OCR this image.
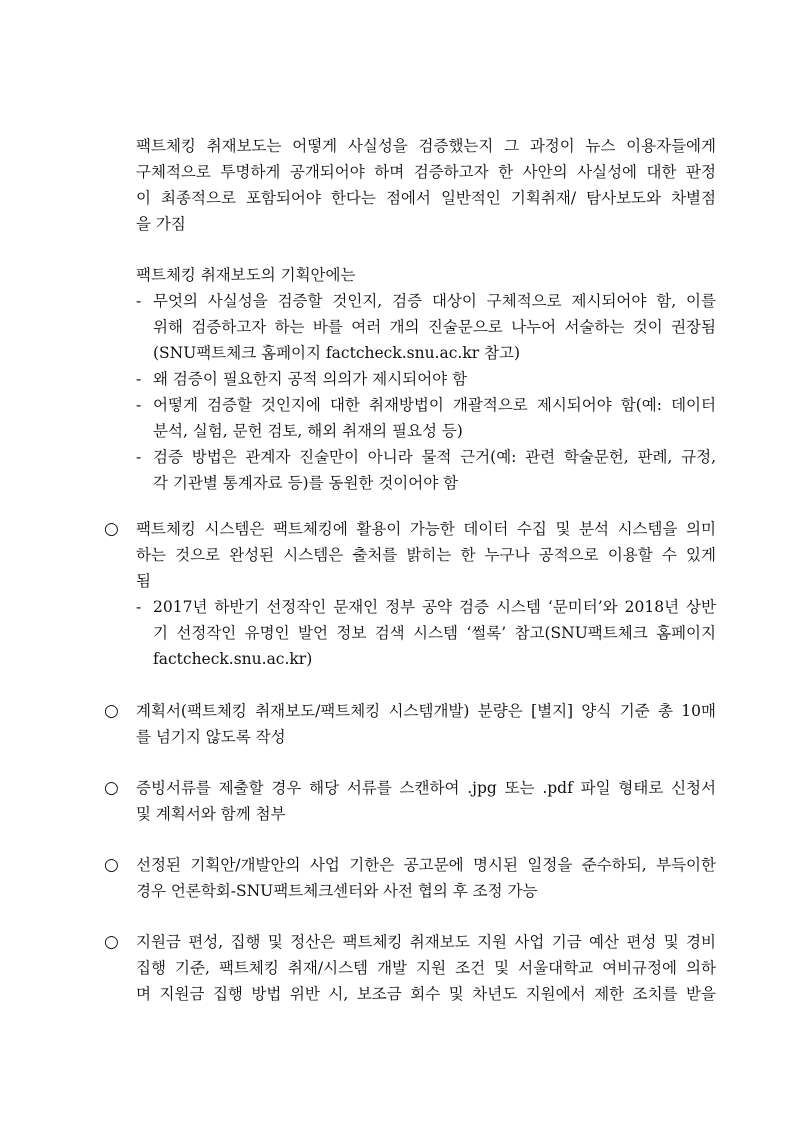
팩트체킹 취재보도는 어떻게 사실성을 검증했는지 그 과정이 뉴스 이용자들에게
구체적으로 투명하게 공개되어야 하며 검증하고자 한 사안의 사실성에 대한 판정
이 최종적으로 포함되어야 한다는 점에서 일반적인 기획취재/ 탐사보도와 차별점
을 가짐
팩트체킹 취재보도의 기획안에는
- 무엇의 사실성을 검증할 것인지, 검증 대상이 구체적으로 제시되어야 함, 이를
위해 검증하고자 하는 바를 여러 개의 진술문으로 나누어 서술하는 것이 권장됨
(SNU팩트체크 홈페이지 factcheck.snu.ac.kr 참고)
- 왜 검증이 필요한지 공적 의의가 제시되어야 함
- 어떻게 검증할 것인지에 대한 취재방법이 개괄적으로 제시되어야 함(예: 데이터
분석, 실험, 문헌 검토, 해외 취재의 필요성 등)
- 검증 방법은 관계자 진술만이 아니라 물적 근거(예: 관련 학술문헌, 판례, 규정,
각 기관별 통계자료 등)를 동원한 것이어야 함
○ 팩트체킹 시스템은 팩트체킹에 활용이 가능한 데이터 수집 및 분석 시스템을 의미
하는 것으로 완성된 시스템은 출처를 밝히는 한 누구나 공적으로 이용할 수 있게
됨
- 2017년 하반기 선정작인 문재인 정부 공약 검증 시스템 ‘문미터’와 2018년 상반
기 선정작인 유명인 발언 정보 검색 시스템 ‘썰록’ 참고(SNU팩트체크 홈페이지
factcheck.snu.ac.kr)
○ 계획서(팩트체킹 취재보도/팩트체킹 시스템개발) 분량은 [별지] 양식 기준 총 10매
를 넘기지 않도록 작성
○ 증빙서류를 제출할 경우 해당 서류를 스캔하여 .jpg 또는 .pdf 파일 형태로 신청서
및 계획서와 함께 첨부
○ 선정된 기획안/개발안의 사업 기한은 공고문에 명시된 일정을 준수하되, 부득이한
경우 언론학회-SNU팩트체크센터와 사전 협의 후 조정 가능
○ 지원금 편성, 집행 및 정산은 팩트체킹 취재보도 지원 사업 기금 예산 편성 및 경비
집행 기준, 팩트체킹 취재/시스템 개발 지원 조건 및 서울대학교 여비규정에 의하
며 지원금 집행 방법 위반 시, 보조금 회수 및 차년도 지원에서 제한 조치를 받을
